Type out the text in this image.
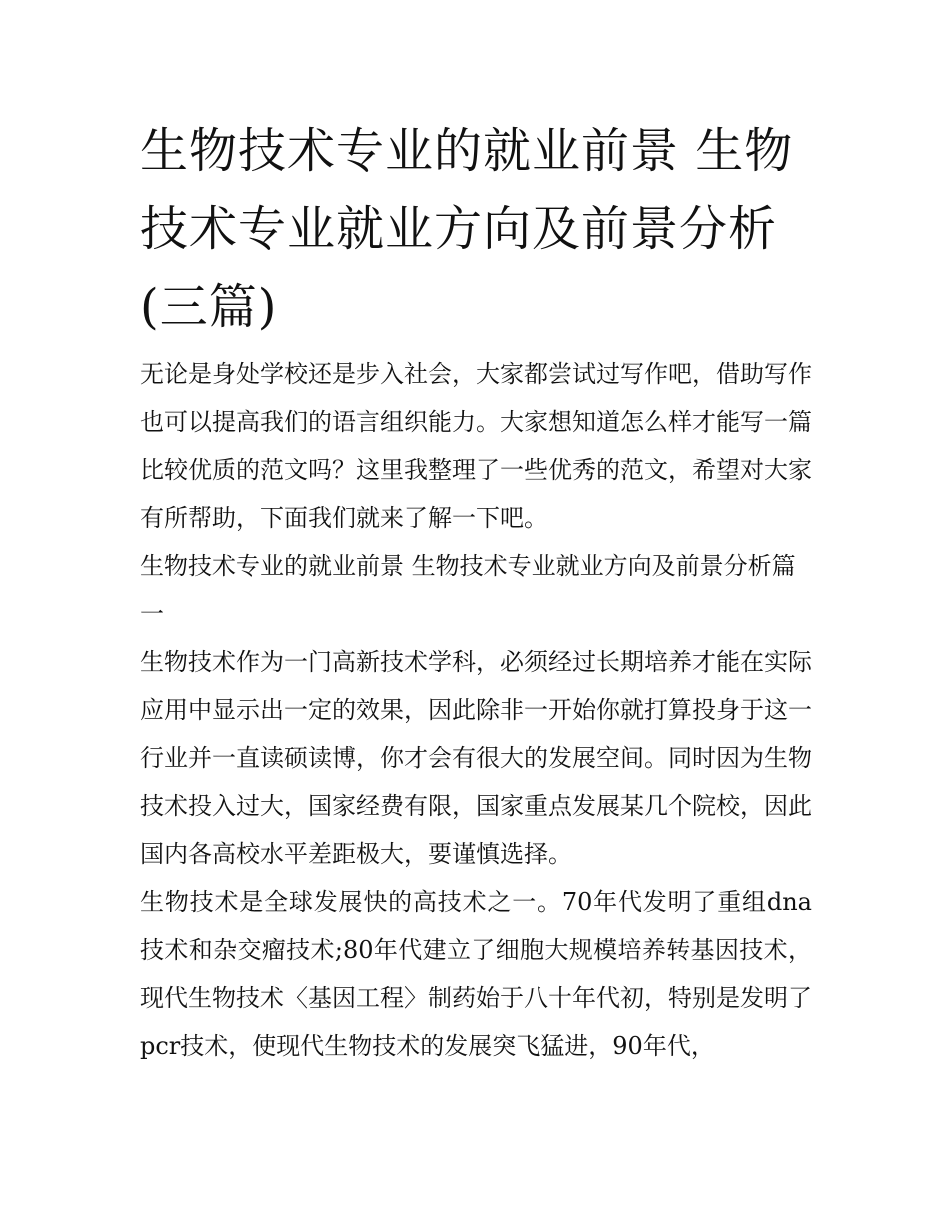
生物技术专业的就业前景 生物技术专业就业方向及前景分析(三篇)

无论是身处学校还是步入社会，大家都尝试过写作吧，借助写作也可以提高我们的语言组织能力。大家想知道怎么样才能写一篇比较优质的范文吗？这里我整理了一些优秀的范文，希望对大家有所帮助，下面我们就来了解一下吧。

生物技术专业的就业前景 生物技术专业就业方向及前景分析篇一

生物技术作为一门高新技术学科，必须经过长期培养才能在实际应用中显示出一定的效果，因此除非一开始你就打算投身于这一行业并一直读硕读博，你才会有很大的发展空间。同时因为生物技术投入过大，国家经费有限，国家重点发展某几个院校，因此国内各高校水平差距极大，要谨慎选择。

生物技术是全球发展快的高技术之一。70年代发明了重组dna技术和杂交瘤技术;80年代建立了细胞大规模培养转基因技术，现代生物技术〈基因工程〉制药始于八十年代初，特别是发明了pcr技术，使现代生物技术的发展突飞猛进，90年代，
